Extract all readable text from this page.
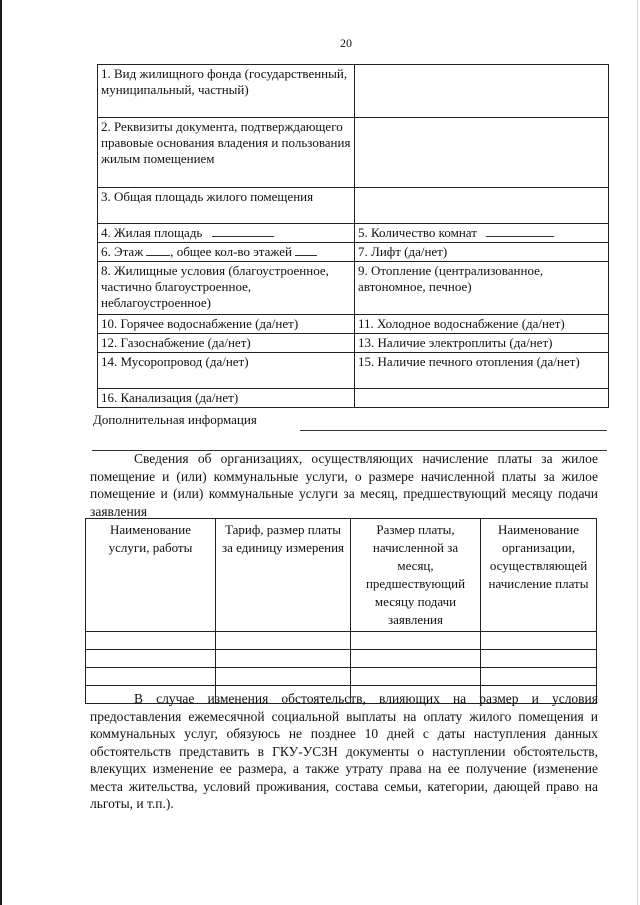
20
1. Вид жилищного фонда (государственный, муниципальный, частный)	
2. Реквизиты документа, подтверждающего правовые основания владения и пользования жилым помещением	
3. Общая площадь жилого помещения	
4. Жилая площадь	5. Количество комнат
6. Этаж , общее кол-во этажей	7. Лифт (да/нет)
8. Жилищные условия (благоустроенное, частично благоустроенное, неблагоустроенное)	9. Отопление (централизованное, автономное, печное)
10. Горячее водоснабжение (да/нет)	11. Холодное водоснабжение (да/нет)
12. Газоснабжение (да/нет)	13. Наличие электроплиты (да/нет)
14. Мусоропровод (да/нет)	15. Наличие печного отопления (да/нет)
16. Канализация (да/нет)	
Дополнительная информация

Сведения об организациях, осуществляющих начисление платы за жилое помещение и (или) коммунальные услуги, о размере начисленной платы за жилое помещение и (или) коммунальные услуги за месяц, предшествующий месяцу подачи заявления

Наименование услуги, работы	Тариф, размер платы за единицу измерения	Размер платы, начисленной за месяц, предшествующий месяцу подачи заявления	Наименование организации, осуществляющей начисление платы

В случае изменения обстоятельств, влияющих на размер и условия предоставления ежемесячной социальной выплаты на оплату жилого помещения и коммунальных услуг, обязуюсь не позднее 10 дней с даты наступления данных обстоятельств представить в ГКУ-УСЗН документы о наступлении обстоятельств, влекущих изменение ее размера, а также утрату права на ее получение (изменение места жительства, условий проживания, состава семьи, категории, дающей право на льготы, и т.п.).
